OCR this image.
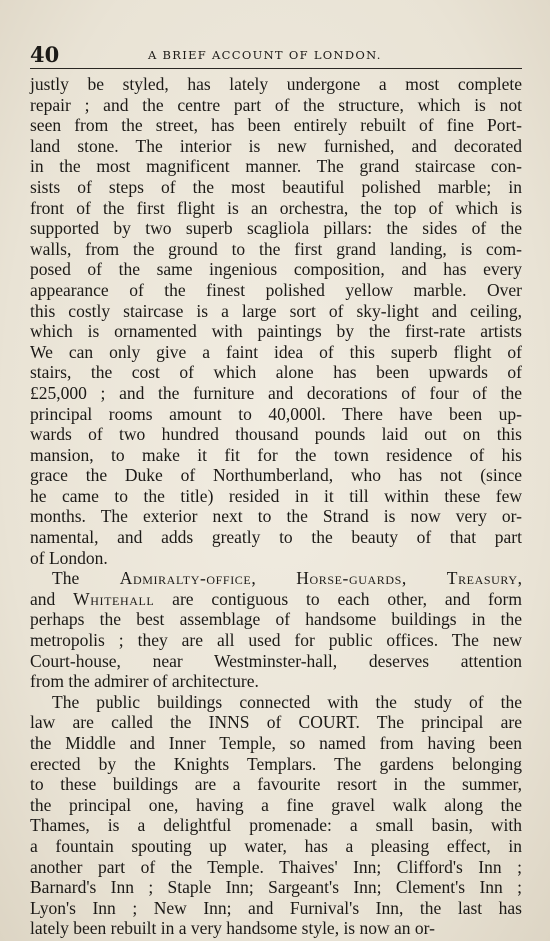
40	A BRIEF ACCOUNT OF LONDON.
justly be styled, has lately undergone a most complete
repair ; and the centre part of the structure, which is not
seen from the street, has been entirely rebuilt of fine Port-
land stone. The interior is new furnished, and decorated
in the most magnificent manner. The grand staircase con-
sists of steps of the most beautiful polished marble; in
front of the first flight is an orchestra, the top of which is
supported by two superb scagliola pillars: the sides of the
walls, from the ground to the first grand landing, is com-
posed of the same ingenious composition, and has every
appearance of the finest polished yellow marble. Over
this costly staircase is a large sort of sky-light and ceiling,
which is ornamented with paintings by the first-rate artists
We can only give a faint idea of this superb flight of
stairs, the cost of which alone has been upwards of
£25,000 ; and the furniture and decorations of four of the
principal rooms amount to 40,000l. There have been up-
wards of two hundred thousand pounds laid out on this
mansion, to make it fit for the town residence of his
grace the Duke of Northumberland, who has not (since
he came to the title) resided in it till within these few
months. The exterior next to the Strand is now very or-
namental, and adds greatly to the beauty of that part
of London.
The Admiralty-office, Horse-guards, Treasury,
and Whitehall are contiguous to each other, and form
perhaps the best assemblage of handsome buildings in the
metropolis ; they are all used for public offices. The new
Court-house, near Westminster-hall, deserves attention
from the admirer of architecture.
The public buildings connected with the study of the
law are called the INNS of COURT. The principal are
the Middle and Inner Temple, so named from having been
erected by the Knights Templars. The gardens belonging
to these buildings are a favourite resort in the summer,
the principal one, having a fine gravel walk along the
Thames, is a delightful promenade: a small basin, with
a fountain spouting up water, has a pleasing effect, in
another part of the Temple. Thaives' Inn; Clifford's Inn ;
Barnard's Inn ; Staple Inn; Sargeant's Inn; Clement's Inn ;
Lyon's Inn ; New Inn; and Furnival's Inn, the last has
lately been rebuilt in a very handsome style, is now an or-
